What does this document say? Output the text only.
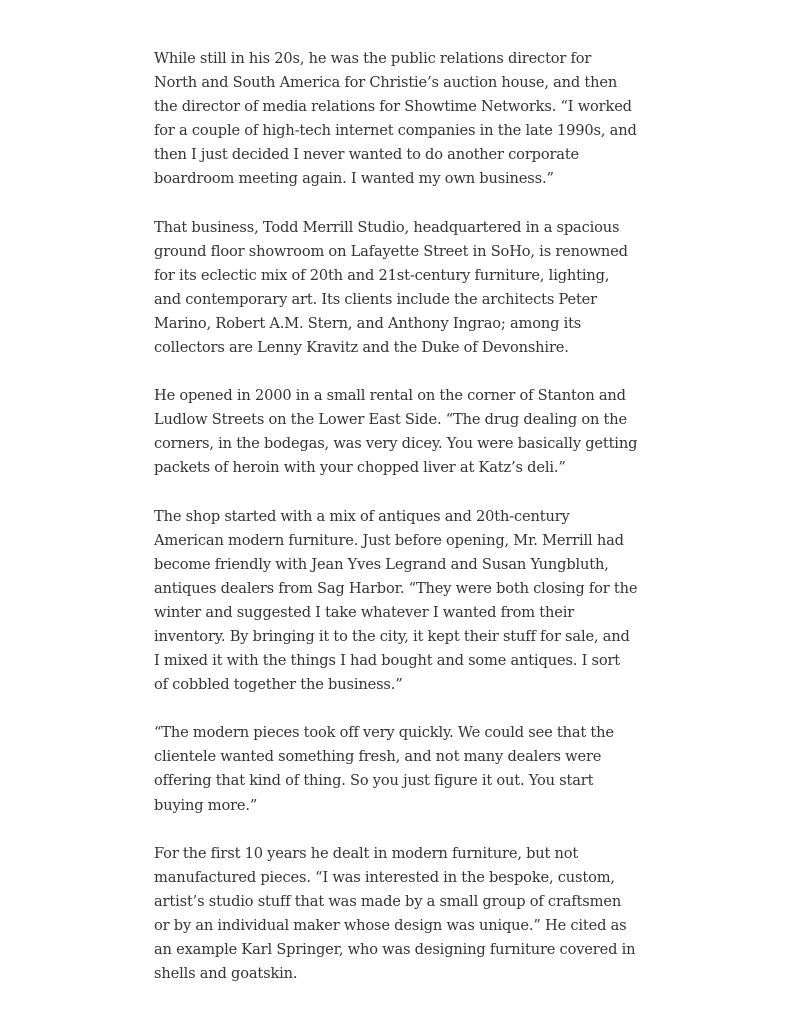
While still in his 20s, he was the public relations director for North and South America for Christie’s auction house, and then the director of media relations for Showtime Networks. “I worked for a couple of high-tech internet companies in the late 1990s, and then I just decided I never wanted to do another corporate boardroom meeting again. I wanted my own business.”

That business, Todd Merrill Studio, headquartered in a spacious ground floor showroom on Lafayette Street in SoHo, is renowned for its eclectic mix of 20th and 21st-century furniture, lighting, and contemporary art. Its clients include the architects Peter Marino, Robert A.M. Stern, and Anthony Ingrao; among its collectors are Lenny Kravitz and the Duke of Devonshire.

He opened in 2000 in a small rental on the corner of Stanton and Ludlow Streets on the Lower East Side. “The drug dealing on the corners, in the bodegas, was very dicey. You were basically getting packets of heroin with your chopped liver at Katz’s deli.”

The shop started with a mix of antiques and 20th-century American modern furniture. Just before opening, Mr. Merrill had become friendly with Jean Yves Legrand and Susan Yungbluth, antiques dealers from Sag Harbor. “They were both closing for the winter and suggested I take whatever I wanted from their inventory. By bringing it to the city, it kept their stuff for sale, and I mixed it with the things I had bought and some antiques. I sort of cobbled together the business.”

“The modern pieces took off very quickly. We could see that the clientele wanted something fresh, and not many dealers were offering that kind of thing. So you just figure it out. You start buying more.”

For the first 10 years he dealt in modern furniture, but not manufactured pieces. “I was interested in the bespoke, custom, artist’s studio stuff that was made by a small group of craftsmen or by an individual maker whose design was unique.” He cited as an example Karl Springer, who was designing furniture covered in shells and goatskin.
